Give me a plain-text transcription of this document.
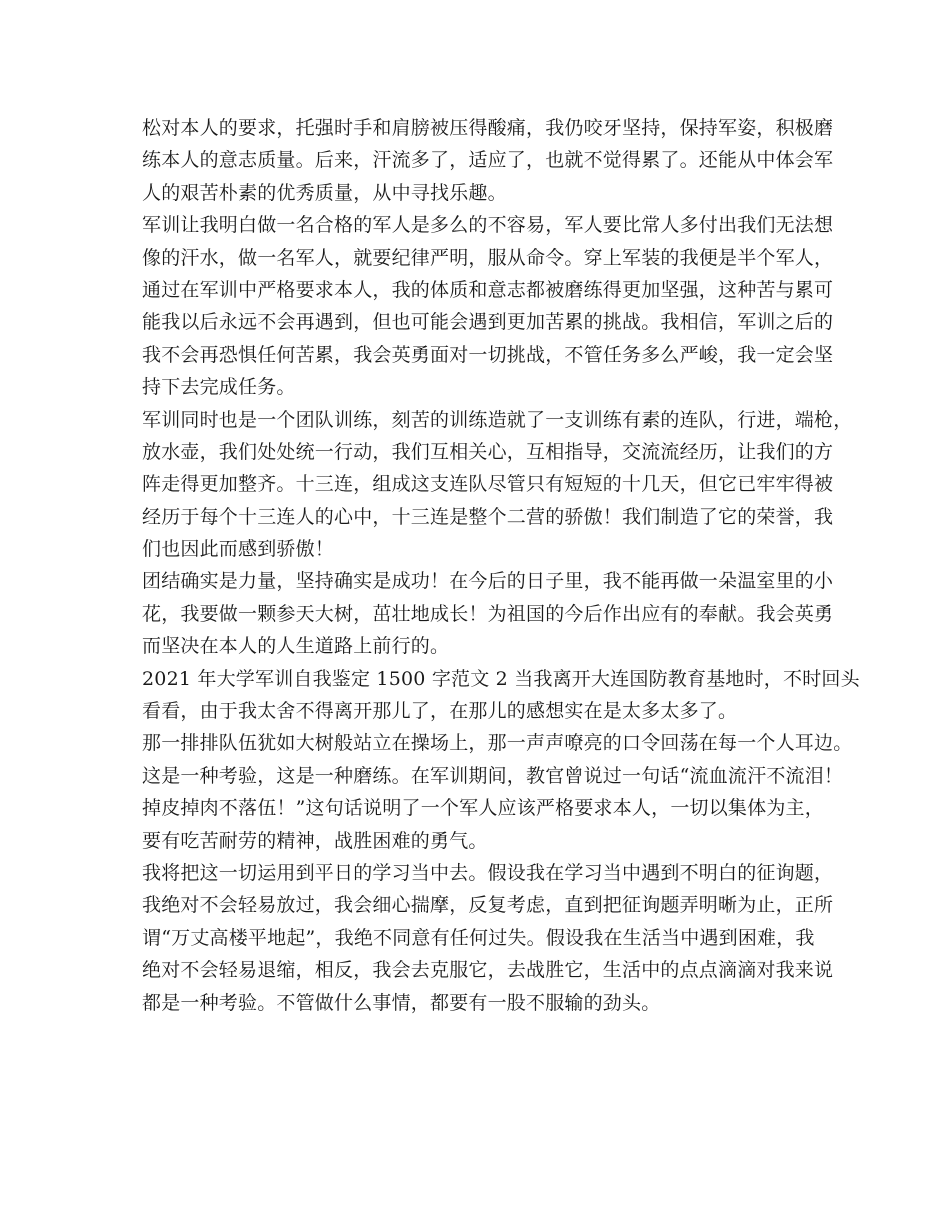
松对本人的要求，托强时手和肩膀被压得酸痛，我仍咬牙坚持，保持军姿，积极磨
练本人的意志质量。后来，汗流多了，适应了，也就不觉得累了。还能从中体会军
人的艰苦朴素的优秀质量，从中寻找乐趣。
军训让我明白做一名合格的军人是多么的不容易，军人要比常人多付出我们无法想
像的汗水，做一名军人，就要纪律严明，服从命令。穿上军装的我便是半个军人，
通过在军训中严格要求本人，我的体质和意志都被磨练得更加坚强，这种苦与累可
能我以后永远不会再遇到，但也可能会遇到更加苦累的挑战。我相信，军训之后的
我不会再恐惧任何苦累，我会英勇面对一切挑战，不管任务多么严峻，我一定会坚
持下去完成任务。
军训同时也是一个团队训练，刻苦的训练造就了一支训练有素的连队，行进，端枪，
放水壶，我们处处统一行动，我们互相关心，互相指导，交流流经历，让我们的方
阵走得更加整齐。十三连，组成这支连队尽管只有短短的十几天，但它已牢牢得被
经历于每个十三连人的心中，十三连是整个二营的骄傲！我们制造了它的荣誉，我
们也因此而感到骄傲！
团结确实是力量，坚持确实是成功！在今后的日子里，我不能再做一朵温室里的小
花，我要做一颗参天大树，茁壮地成长！为祖国的今后作出应有的奉献。我会英勇
而坚决在本人的人生道路上前行的。
2021 年大学军训自我鉴定 1500 字范文 2 当我离开大连国防教育基地时，不时回头
看看，由于我太舍不得离开那儿了，在那儿的感想实在是太多太多了。
那一排排队伍犹如大树般站立在操场上，那一声声嘹亮的口令回荡在每一个人耳边。
这是一种考验，这是一种磨练。在军训期间，教官曾说过一句话“流血流汗不流泪！
掉皮掉肉不落伍！”这句话说明了一个军人应该严格要求本人，一切以集体为主，
要有吃苦耐劳的精神，战胜困难的勇气。
我将把这一切运用到平日的学习当中去。假设我在学习当中遇到不明白的征询题，
我绝对不会轻易放过，我会细心揣摩，反复考虑，直到把征询题弄明晰为止，正所
谓“万丈高楼平地起”，我绝不同意有任何过失。假设我在生活当中遇到困难，我
绝对不会轻易退缩，相反，我会去克服它，去战胜它，生活中的点点滴滴对我来说
都是一种考验。不管做什么事情，都要有一股不服输的劲头。
